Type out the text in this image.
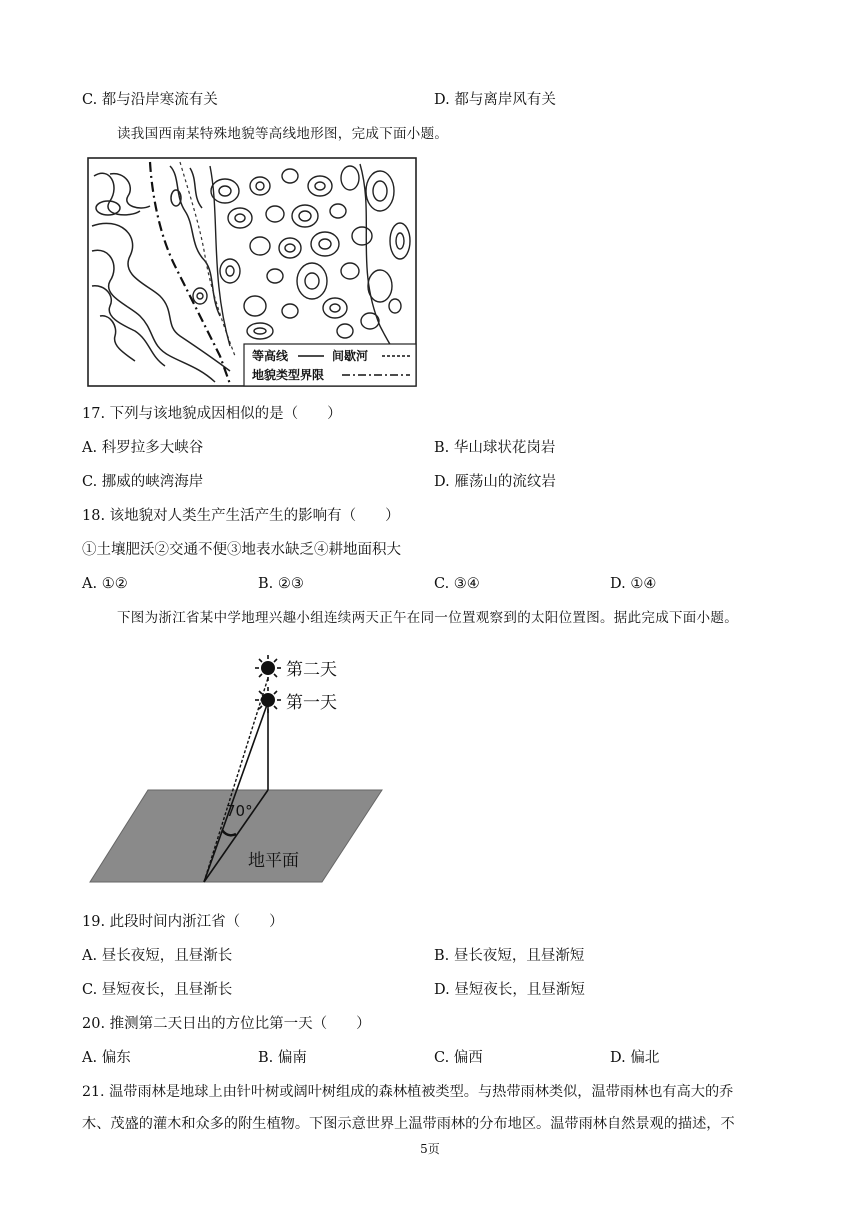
C. 都与沿岸寒流有关	D. 都与离岸风有关
读我国西南某特殊地貌等高线地形图，完成下面小题。
等高线	间歇河
地貌类型界限
17. 下列与该地貌成因相似的是（　　）
A. 科罗拉多大峡谷	B. 华山球状花岗岩
C. 挪威的峡湾海岸	D. 雁荡山的流纹岩
18. 该地貌对人类生产生活产生的影响有（　　）
①土壤肥沃②交通不便③地表水缺乏④耕地面积大
A. ①②	B. ②③	C. ③④	D. ①④
下图为浙江省某中学地理兴趣小组连续两天正午在同一位置观察到的太阳位置图。据此完成下面小题。
第二天
第一天
70°
地平面
19. 此段时间内浙江省（　　）
A. 昼长夜短，且昼渐长	B. 昼长夜短，且昼渐短
C. 昼短夜长，且昼渐长	D. 昼短夜长，且昼渐短
20. 推测第二天日出的方位比第一天（　　）
A. 偏东	B. 偏南	C. 偏西	D. 偏北
21. 温带雨林是地球上由针叶树或阔叶树组成的森林植被类型。与热带雨林类似，温带雨林也有高大的乔
木、茂盛的灌木和众多的附生植物。下图示意世界上温带雨林的分布地区。温带雨林自然景观的描述，不
5页
